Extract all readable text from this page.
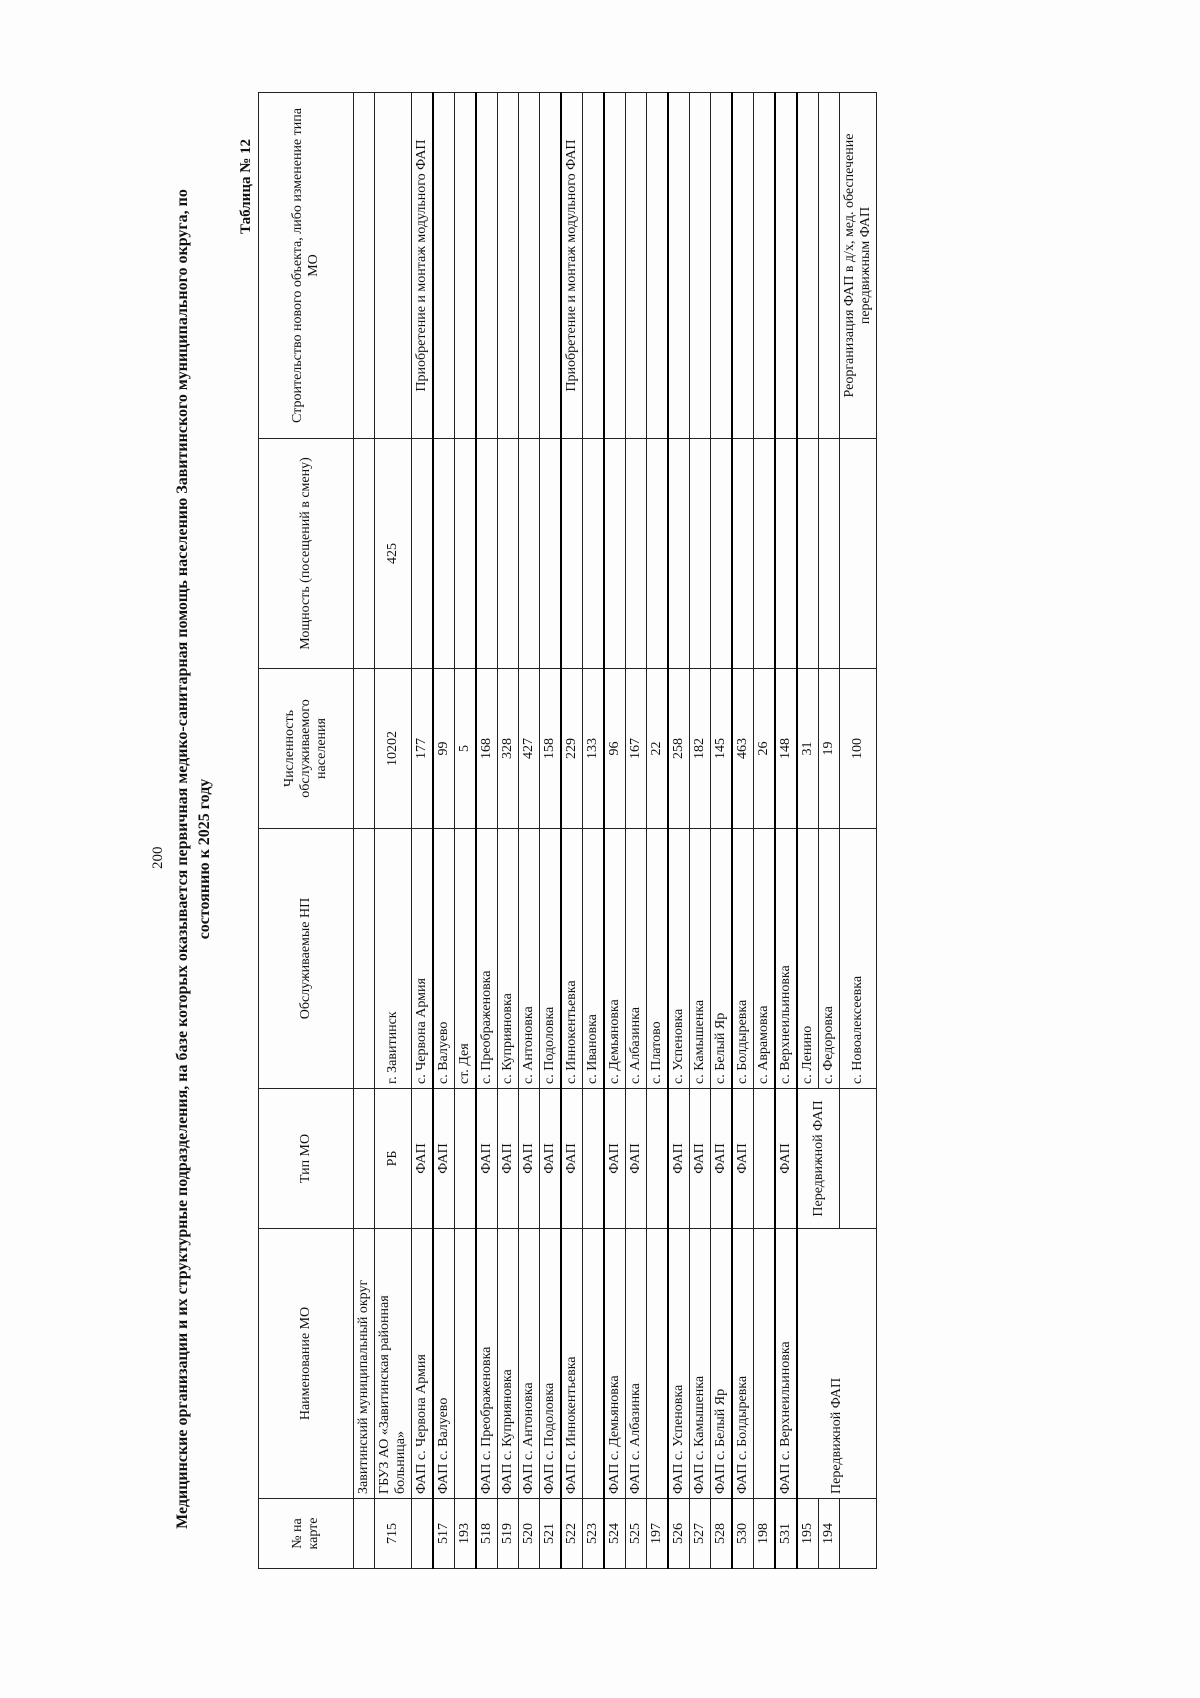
200 Медицинские организации и их структурные подразделения, на базе которых оказывается первичная медико-санитарная помощь населению Завитинского муниципального округа, по состоянию к 2025 году
Таблица № 12
№ на карте	Наименование МО	Тип МО	Обслуживаемые НП	Численность обслуживаемого населения	Мощность (посещений в смену)	Строительство нового объекта, либо изменение типа МО
	Завитинский муниципальный округ					
715	ГБУЗ АО «Завитинская районная больница»	РБ	г. Завитинск	10202	425	
	ФАП с. Червона Армия	ФАП	с. Червона Армия	177		Приобретение и монтаж модульного ФАП
517	ФАП с. Валуево	ФАП	с. Валуево	99		
193			ст. Дея	5		
518	ФАП с. Преображеновка	ФАП	с. Преображеновка	168		
519	ФАП с. Куприяновка	ФАП	с. Куприяновка	328		
520	ФАП с. Антоновка	ФАП	с. Антоновка	427		
521	ФАП с. Подоловка	ФАП	с. Подоловка	158		
522	ФАП с. Иннокентьевка	ФАП	с. Иннокентьевка	229		Приобретение и монтаж модульного ФАП
523			с. Ивановка	133		
524	ФАП с. Демьяновка	ФАП	с. Демьяновка	96		
525	ФАП с. Албазинка	ФАП	с. Албазинка	167		
197			с. Платово	22		
526	ФАП с. Успеновка	ФАП	с. Успеновка	258		
527	ФАП с. Камышенка	ФАП	с. Камышенка	182		
528	ФАП с. Белый Яр	ФАП	с. Белый Яр	145		
530	ФАП с. Болдыревка	ФАП	с. Болдыревка	463		
198			с. Аврамовка	26		
531	ФАП с. Верхнеильиновка	ФАП	с. Верхнеильиновка	148		
195	Передвижной ФАП	Передвижной ФАП	с. Ленино	31		
194			с. Федоровка	19		
			с. Новоалексеевка	100		Реорганизация ФАП в д/х, мед. обеспечение передвижным ФАП
